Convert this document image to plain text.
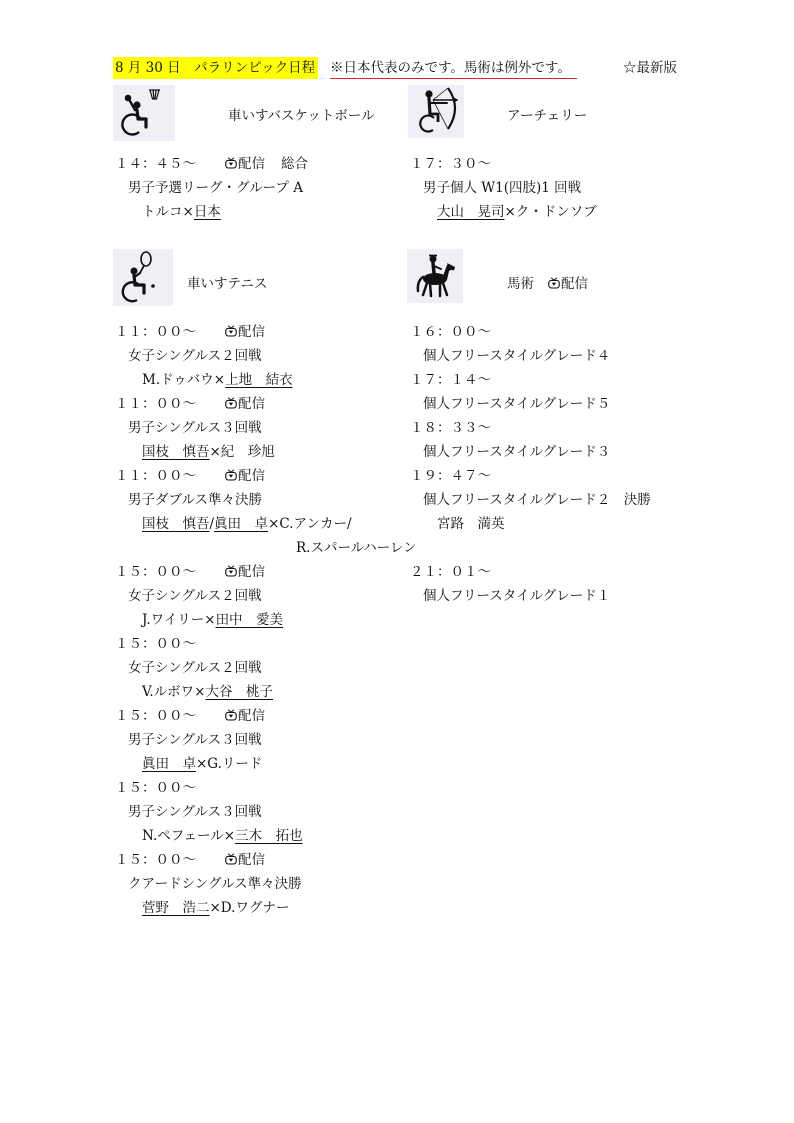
8 月 30 日　パラリンピック日程 ※日本代表のみです。馬術は例外です。	☆最新版
車いすバスケットボール	アーチェリー
車いすテニス	馬術 配信
１４：４５～	配信 総合
男子予選リーグ・グループ A
トルコ×日本
１７：３０～
男子個人 W1(四肢)1 回戦
大山　晃司×ク・ドンソブ
１１：００～	配信
女子シングルス２回戦
M.ドゥバウ×上地　結衣
１１：００～	配信
男子シングルス３回戦
国枝　慎吾×紀　珍旭
１１：００～	配信
男子ダブルス準々決勝
国枝　慎吾/眞田　卓×C.アンカー/
R.スパールハーレン
１５：００～	配信
女子シングルス２回戦
J.ワイリー×田中　愛美
１５：００～
女子シングルス２回戦
V.ルボワ×大谷　桃子
１５：００～	配信
男子シングルス３回戦
眞田　卓×G.リード
１５：００～
男子シングルス３回戦
N.ペフェール×三木　拓也
１５：００～	配信
クアードシングルス準々決勝
菅野　浩二×D.ワグナー
１６：００～
個人フリースタイルグレード４
１７：１４～
個人フリースタイルグレード５
１８：３３～
個人フリースタイルグレード３
１９：４７～
個人フリースタイルグレード２　決勝
宮路　満英
２１：０１～
個人フリースタイルグレード１
